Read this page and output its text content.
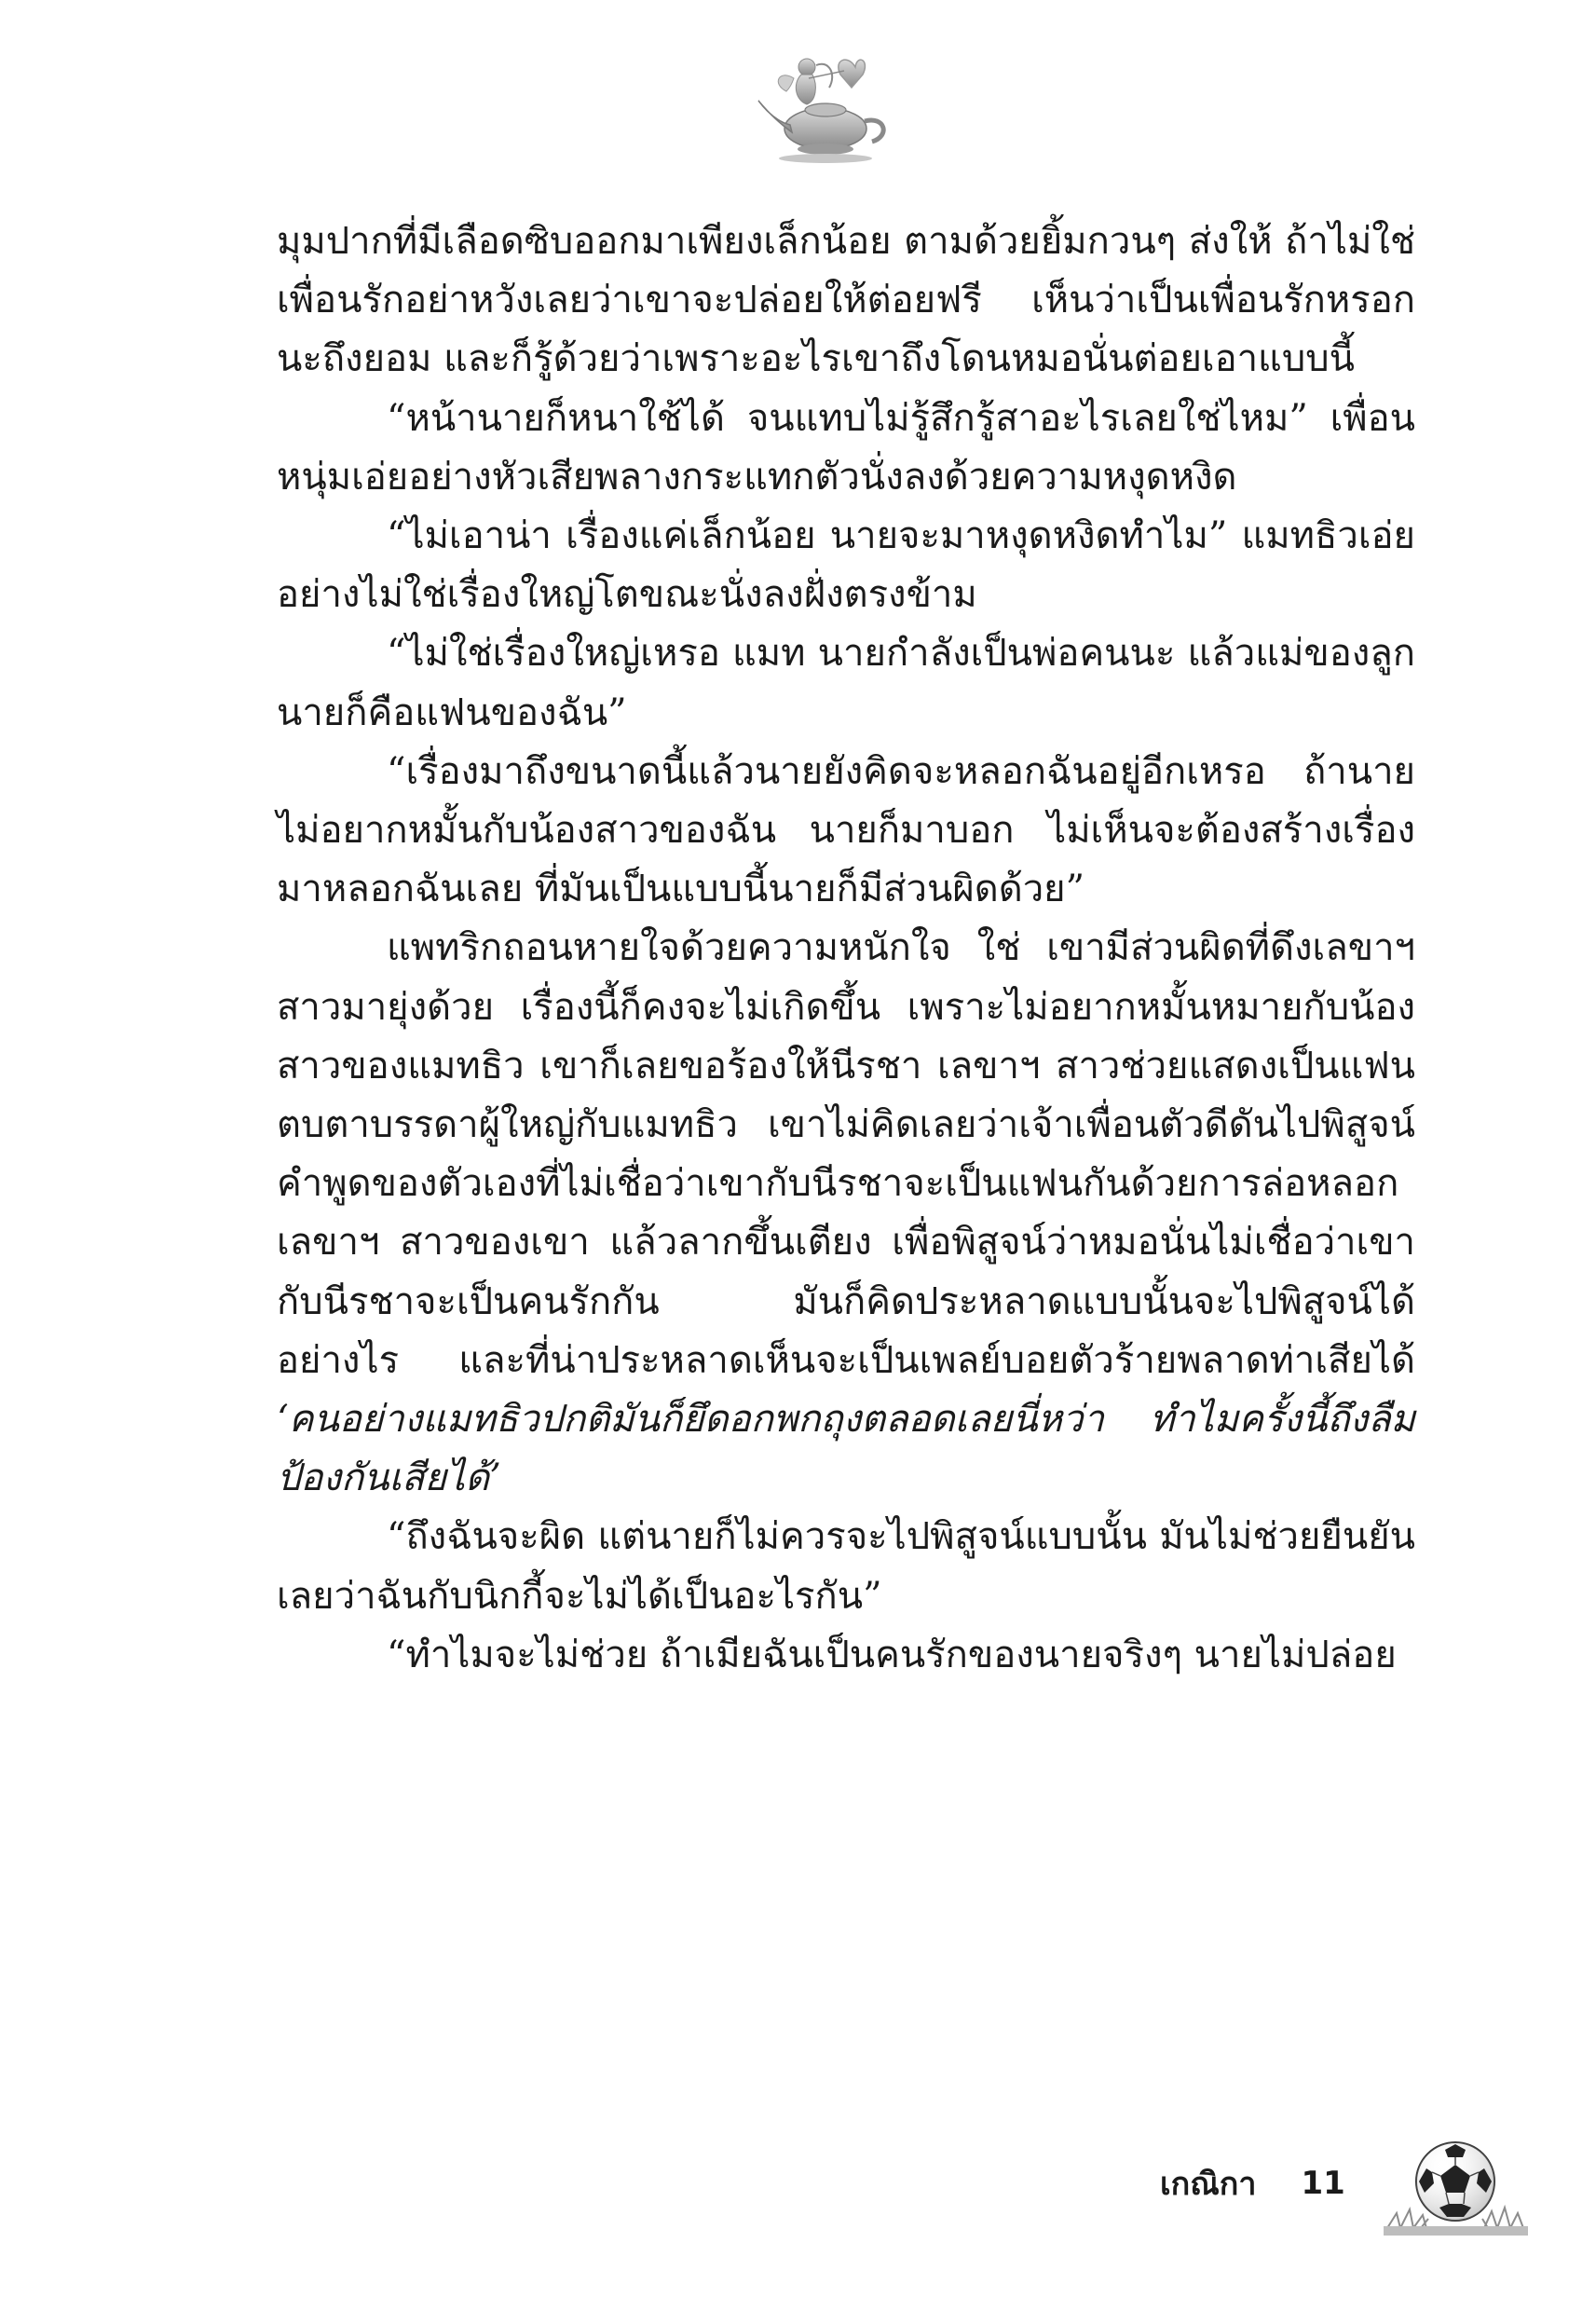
มุมปากที่มีเลือดซิบออกมาเพียงเล็กน้อย ตามด้วยยิ้มกวนๆ ส่งให้ ถ้าไม่ใช่เพื่อนรักอย่าหวังเลยว่าเขาจะปล่อยให้ต่อยฟรี เห็นว่าเป็นเพื่อนรักหรอกนะถึงยอม และก็รู้ด้วยว่าเพราะอะไรเขาถึงโดนหมอนั่นต่อยเอาแบบนี้

“หน้านายก็หนาใช้ได้ จนแทบไม่รู้สึกรู้สาอะไรเลยใช่ไหม” เพื่อนหนุ่มเอ่ยอย่างหัวเสียพลางกระแทกตัวนั่งลงด้วยความหงุดหงิด

“ไม่เอาน่า เรื่องแค่เล็กน้อย นายจะมาหงุดหงิดทำไม” แมทธิวเอ่ยอย่างไม่ใช่เรื่องใหญ่โตขณะนั่งลงฝั่งตรงข้าม

“ไม่ใช่เรื่องใหญ่เหรอ แมท นายกำลังเป็นพ่อคนนะ แล้วแม่ของลูกนายก็คือแฟนของฉัน”

“เรื่องมาถึงขนาดนี้แล้วนายยังคิดจะหลอกฉันอยู่อีกเหรอ ถ้านายไม่อยากหมั้นกับน้องสาวของฉัน นายก็มาบอก ไม่เห็นจะต้องสร้างเรื่องมาหลอกฉันเลย ที่มันเป็นแบบนี้นายก็มีส่วนผิดด้วย”

แพทริกถอนหายใจด้วยความหนักใจ ใช่ เขามีส่วนผิดที่ดึงเลขาฯ สาวมายุ่งด้วย เรื่องนี้ก็คงจะไม่เกิดขึ้น เพราะไม่อยากหมั้นหมายกับน้องสาวของแมทธิว เขาก็เลยขอร้องให้นีรชา เลขาฯ สาวช่วยแสดงเป็นแฟนตบตาบรรดาผู้ใหญ่กับแมทธิว เขาไม่คิดเลยว่าเจ้าเพื่อนตัวดีดันไปพิสูจน์คำพูดของตัวเองที่ไม่เชื่อว่าเขากับนีรชาจะเป็นแฟนกันด้วยการล่อหลอกเลขาฯ สาวของเขา แล้วลากขึ้นเตียง เพื่อพิสูจน์ว่าหมอนั่นไม่เชื่อว่าเขากับนีรชาจะเป็นคนรักกัน มันก็คิดประหลาดแบบนั้นจะไปพิสูจน์ได้อย่างไร และที่น่าประหลาดเห็นจะเป็นเพลย์บอยตัวร้ายพลาดท่าเสียได้ ‘คนอย่างแมทธิวปกติมันก็ยึดอกพกถุงตลอดเลยนี่หว่า ทำไมครั้งนี้ถึงลืมป้องกันเสียได้’

“ถึงฉันจะผิด แต่นายก็ไม่ควรจะไปพิสูจน์แบบนั้น มันไม่ช่วยยืนยันเลยว่าฉันกับนิกกี้จะไม่ได้เป็นอะไรกัน”

“ทำไมจะไม่ช่วย ถ้าเมียฉันเป็นคนรักของนายจริงๆ นายไม่ปล่อย

เกณิกา 11
